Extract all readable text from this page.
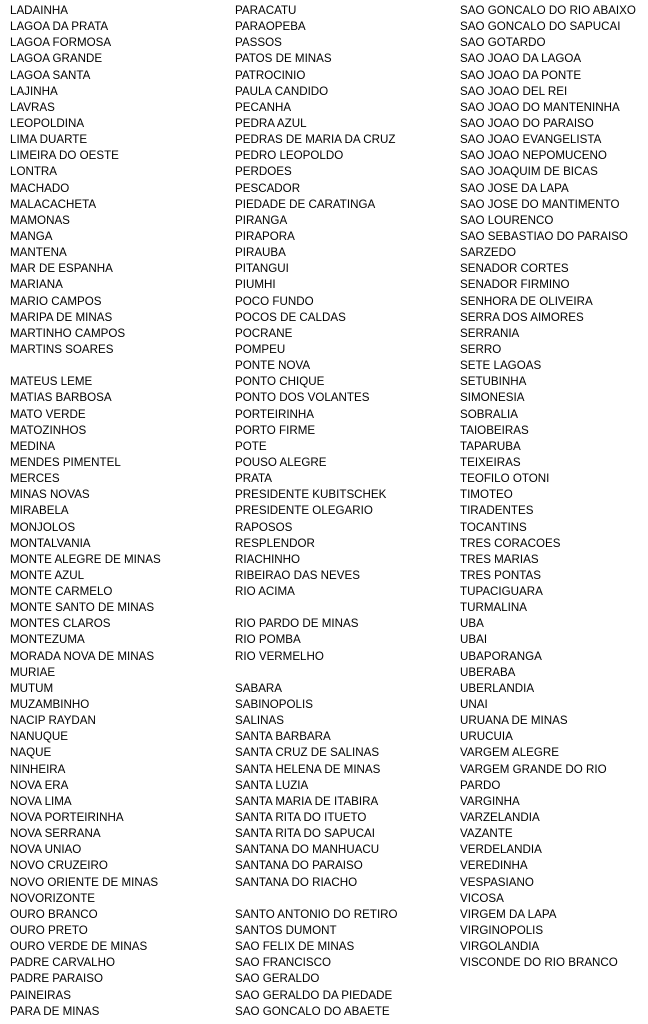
LADAINHA
LAGOA DA PRATA
LAGOA FORMOSA
LAGOA GRANDE
LAGOA SANTA
LAJINHA
LAVRAS
LEOPOLDINA
LIMA DUARTE
LIMEIRA DO OESTE
LONTRA
MACHADO
MALACACHETA
MAMONAS
MANGA
MANTENA
MAR DE ESPANHA
MARIANA
MARIO CAMPOS
MARIPA DE MINAS
MARTINHO CAMPOS
MARTINS SOARES
MATEUS LEME
MATIAS BARBOSA
MATO VERDE
MATOZINHOS
MEDINA
MENDES PIMENTEL
MERCES
MINAS NOVAS
MIRABELA
MONJOLOS
MONTALVANIA
MONTE ALEGRE DE MINAS
MONTE AZUL
MONTE CARMELO
MONTE SANTO DE MINAS
MONTES CLAROS
MONTEZUMA
MORADA NOVA DE MINAS
MURIAE
MUTUM
MUZAMBINHO
NACIP RAYDAN
NANUQUE
NAQUE
NINHEIRA
NOVA ERA
NOVA LIMA
NOVA PORTEIRINHA
NOVA SERRANA
NOVA UNIAO
NOVO CRUZEIRO
NOVO ORIENTE DE MINAS
NOVORIZONTE
OURO BRANCO
OURO PRETO
OURO VERDE DE MINAS
PADRE CARVALHO
PADRE PARAISO
PAINEIRAS
PARA DE MINAS
PARACATU
PARAOPEBA
PASSOS
PATOS DE MINAS
PATROCINIO
PAULA CANDIDO
PECANHA
PEDRA AZUL
PEDRAS DE MARIA DA CRUZ
PEDRO LEOPOLDO
PERDOES
PESCADOR
PIEDADE DE CARATINGA
PIRANGA
PIRAPORA
PIRAUBA
PITANGUI
PIUMHI
POCO FUNDO
POCOS DE CALDAS
POCRANE
POMPEU
PONTE NOVA
PONTO CHIQUE
PONTO DOS VOLANTES
PORTEIRINHA
PORTO FIRME
POTE
POUSO ALEGRE
PRATA
PRESIDENTE KUBITSCHEK
PRESIDENTE OLEGARIO
RAPOSOS
RESPLENDOR
RIACHINHO
RIBEIRAO DAS NEVES
RIO ACIMA
RIO PARDO DE MINAS
RIO POMBA
RIO VERMELHO
SABARA
SABINOPOLIS
SALINAS
SANTA BARBARA
SANTA CRUZ DE SALINAS
SANTA HELENA DE MINAS
SANTA LUZIA
SANTA MARIA DE ITABIRA
SANTA RITA DO ITUETO
SANTA RITA DO SAPUCAI
SANTANA DO MANHUACU
SANTANA DO PARAISO
SANTANA DO RIACHO
SANTO ANTONIO DO RETIRO
SANTOS DUMONT
SAO FELIX DE MINAS
SAO FRANCISCO
SAO GERALDO
SAO GERALDO DA PIEDADE
SAO GONCALO DO ABAETE
SAO GONCALO DO RIO ABAIXO
SAO GONCALO DO SAPUCAI
SAO GOTARDO
SAO JOAO DA LAGOA
SAO JOAO DA PONTE
SAO JOAO DEL REI
SAO JOAO DO MANTENINHA
SAO JOAO DO PARAISO
SAO JOAO EVANGELISTA
SAO JOAO NEPOMUCENO
SAO JOAQUIM DE BICAS
SAO JOSE DA LAPA
SAO JOSE DO MANTIMENTO
SAO LOURENCO
SAO SEBASTIAO DO PARAISO
SARZEDO
SENADOR CORTES
SENADOR FIRMINO
SENHORA DE OLIVEIRA
SERRA DOS AIMORES
SERRANIA
SERRO
SETE LAGOAS
SETUBINHA
SIMONESIA
SOBRALIA
TAIOBEIRAS
TAPARUBA
TEIXEIRAS
TEOFILO OTONI
TIMOTEO
TIRADENTES
TOCANTINS
TRES CORACOES
TRES MARIAS
TRES PONTAS
TUPACIGUARA
TURMALINA
UBA
UBAI
UBAPORANGA
UBERABA
UBERLANDIA
UNAI
URUANA DE MINAS
URUCUIA
VARGEM ALEGRE
VARGEM GRANDE DO RIO
PARDO
VARGINHA
VARZELANDIA
VAZANTE
VERDELANDIA
VEREDINHA
VESPASIANO
VICOSA
VIRGEM DA LAPA
VIRGINOPOLIS
VIRGOLANDIA
VISCONDE DO RIO BRANCO
